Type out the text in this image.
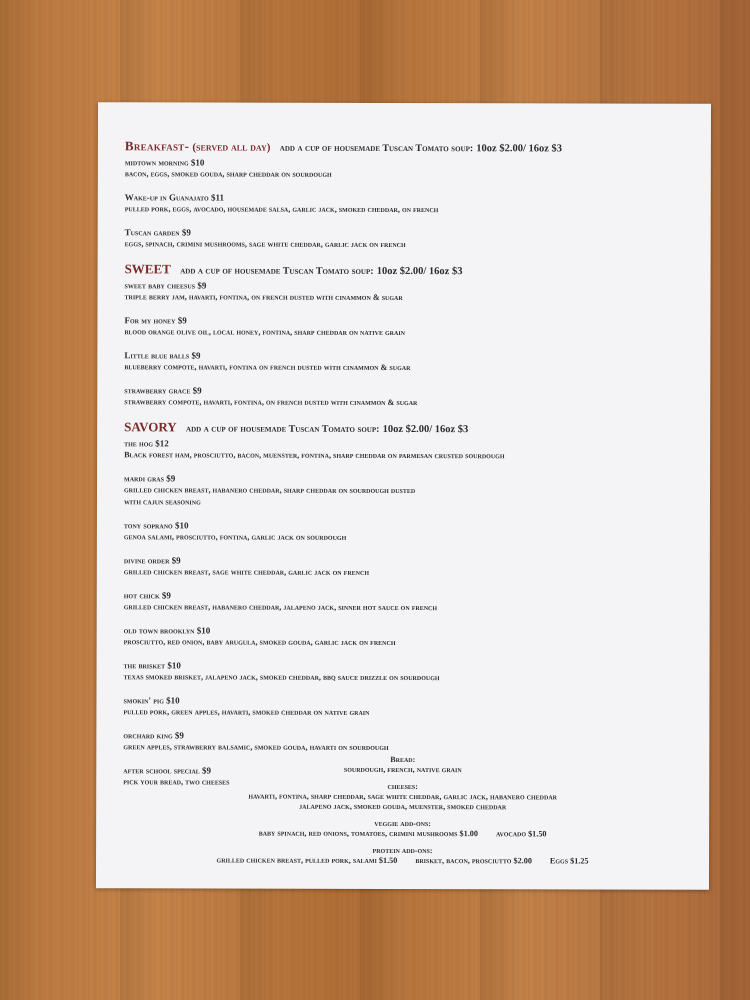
Breakfast- (served all day) add a cup of housemade Tuscan Tomato soup: 10oz $2.00/ 16oz $3
midtown morning $10
bacon, eggs, smoked gouda, sharp cheddar on sourdough
Wake-up in Guanajato $11
pulled pork, eggs, avocado, housemade salsa, garlic jack, smoked cheddar, on french
Tuscan garden $9
eggs, spinach, crimini mushrooms, sage white cheddar, garlic jack on french
SWEET add a cup of housemade Tuscan Tomato soup: 10oz $2.00/ 16oz $3
sweet baby cheesus $9
triple berry jam, havarti, fontina, on french dusted with cinammon & sugar
For my honey $9
blood orange olive oil, local honey, fontina, sharp cheddar on native grain
Little blue balls $9
blueberry compote, havarti, fontina on french dusted with cinammon & sugar
strawberry grace $9
strawberry compote, havarti, fontina, on french dusted with cinammon & sugar
SAVORY add a cup of housemade Tuscan Tomato soup: 10oz $2.00/ 16oz $3
the hog $12
Black forest ham, prosciutto, bacon, muenster, fontina, sharp cheddar on parmesan crusted sourdough
mardi gras $9
grilled chicken breast, habanero cheddar, sharp cheddar on sourdough dusted
with cajun seasoning
tony soprano $10
genoa salami, prosciutto, fontina, garlic jack on sourdough
divine order $9
grilled chicken breast, sage white cheddar, garlic jack on french
hot chick $9
grilled chicken breast, habanero cheddar, jalapeno jack, sinner hot sauce on french
old town brooklyn $10
prosciutto, red onion, baby arugula, smoked gouda, garlic jack on french
the brisket $10
texas smoked brisket, jalapeno jack, smoked cheddar, bbq sauce drizzle on sourdough
smokin' pig $10
pulled pork, green apples, havarti, smoked cheddar on native grain
orchard king $9
green apples, strawberry balsamic, smoked gouda, havarti on sourdough
after school special $9
pick your bread, two cheeses
Bread:
sourdough, french, native grain
cheeses:
havarti, fontina, sharp cheddar, sage white cheddar, garlic jack, habanero cheddar
jalapeno jack, smoked gouda, muenster, smoked cheddar
veggie add-ons:
baby spinach, red onions, tomatoes, crimini mushrooms $1.00 avocado $1.50
protein add-ons:
grilled chicken breast, pulled pork, salami $1.50 brisket, bacon, prosciutto $2.00 Eggs $1.25
